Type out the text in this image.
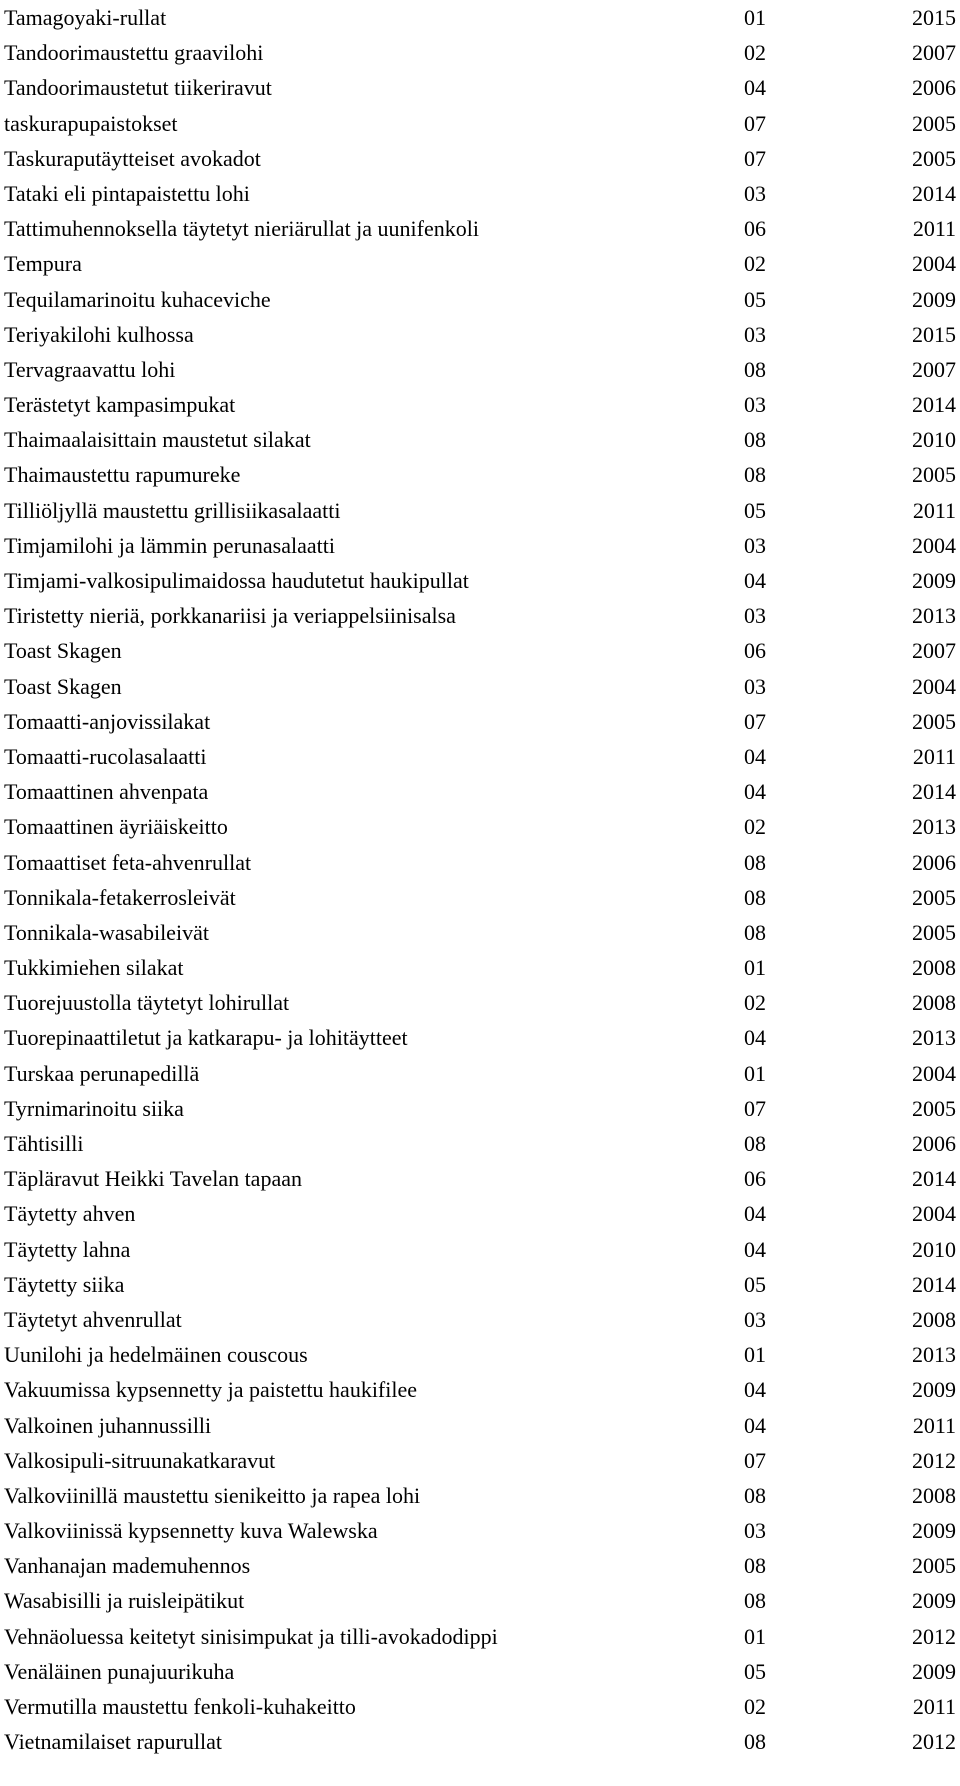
Tamagoyaki-rullat	01	2015
Tandoorimaustettu graavilohi	02	2007
Tandoorimaustetut tiikeriravut	04	2006
taskurapupaistokset	07	2005
Taskuraputäytteiset avokadot	07	2005
Tataki eli pintapaistettu lohi	03	2014
Tattimuhennoksella täytetyt nieriärullat ja uunifenkoli	06	2011
Tempura	02	2004
Tequilamarinoitu kuhaceviche	05	2009
Teriyakilohi kulhossa	03	2015
Tervagraavattu lohi	08	2007
Terästetyt kampasimpukat	03	2014
Thaimaalaisittain maustetut silakat	08	2010
Thaimaustettu rapumureke	08	2005
Tilliöljyllä maustettu grillisiikasalaatti	05	2011
Timjamilohi ja lämmin perunasalaatti	03	2004
Timjami-valkosipulimaidossa haudutetut haukipullat	04	2009
Tiristetty nieriä, porkkanariisi ja veriappelsiinisalsa	03	2013
Toast Skagen	06	2007
Toast Skagen	03	2004
Tomaatti-anjovissilakat	07	2005
Tomaatti-rucolasalaatti	04	2011
Tomaattinen ahvenpata	04	2014
Tomaattinen äyriäiskeitto	02	2013
Tomaattiset feta-ahvenrullat	08	2006
Tonnikala-fetakerrosleivät	08	2005
Tonnikala-wasabileivät	08	2005
Tukkimiehen silakat	01	2008
Tuorejuustolla täytetyt lohirullat	02	2008
Tuorepinaattiletut ja katkarapu- ja lohitäytteet	04	2013
Turskaa perunapedillä	01	2004
Tyrnimarinoitu siika	07	2005
Tähtisilli	08	2006
Täpläravut Heikki Tavelan tapaan	06	2014
Täytetty ahven	04	2004
Täytetty lahna	04	2010
Täytetty siika	05	2014
Täytetyt ahvenrullat	03	2008
Uunilohi ja hedelmäinen couscous	01	2013
Vakuumissa kypsennetty ja paistettu haukifilee	04	2009
Valkoinen juhannussilli	04	2011
Valkosipuli-sitruunakatkaravut	07	2012
Valkoviinillä maustettu sienikeitto ja rapea lohi	08	2008
Valkoviinissä kypsennetty kuva Walewska	03	2009
Vanhanajan mademuhennos	08	2005
Wasabisilli ja ruisleipätikut	08	2009
Vehnäoluessa keitetyt sinisimpukat ja tilli-avokadodippi	01	2012
Venäläinen punajuurikuha	05	2009
Vermutilla maustettu fenkoli-kuhakeitto	02	2011
Vietnamilaiset rapurullat	08	2012
